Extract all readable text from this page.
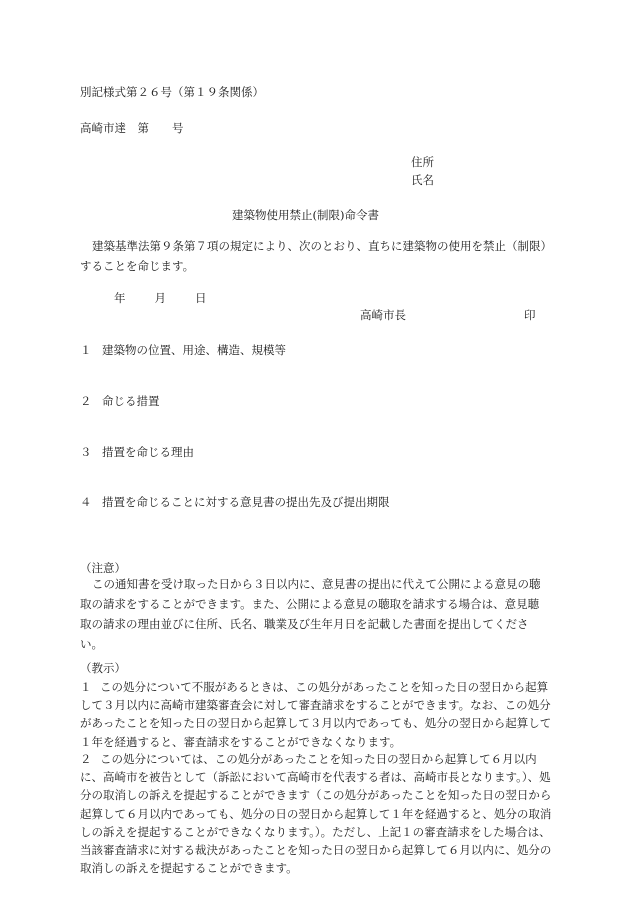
別記様式第２６号（第１９条関係）
高崎市達　第　　号
住所
氏名
建築物使用禁止(制限)命令書
建築基準法第９条第７項の規定により、次のとおり、直ちに建築物の使用を禁止（制限）することを命じます。
年　　月　　日
高崎市長	印
１ 建築物の位置、用途、構造、規模等
２ 命じる措置
３ 措置を命じる理由
４ 措置を命じることに対する意見書の提出先及び提出期限
（注意）
この通知書を受け取った日から３日以内に、意見書の提出に代えて公開による意見の聴取の請求をすることができます。また、公開による意見の聴取を請求する場合は、意見聴取の請求の理由並びに住所、氏名、職業及び生年月日を記載した書面を提出してください。
（教示）
１ この処分について不服があるときは、この処分があったことを知った日の翌日から起算して３月以内に高崎市建築審査会に対して審査請求をすることができます。なお、この処分があったことを知った日の翌日から起算して３月以内であっても、処分の翌日から起算して１年を経過すると、審査請求をすることができなくなります。
２ この処分については、この処分があったことを知った日の翌日から起算して６月以内に、高崎市を被告として（訴訟において高崎市を代表する者は、高崎市長となります。）、処分の取消しの訴えを提起することができます（この処分があったことを知った日の翌日から起算して６月以内であっても、処分の日の翌日から起算して１年を経過すると、処分の取消しの訴えを提起することができなくなります。）。ただし、上記１の審査請求をした場合は、当該審査請求に対する裁決があったことを知った日の翌日から起算して６月以内に、処分の取消しの訴えを提起することができます。
